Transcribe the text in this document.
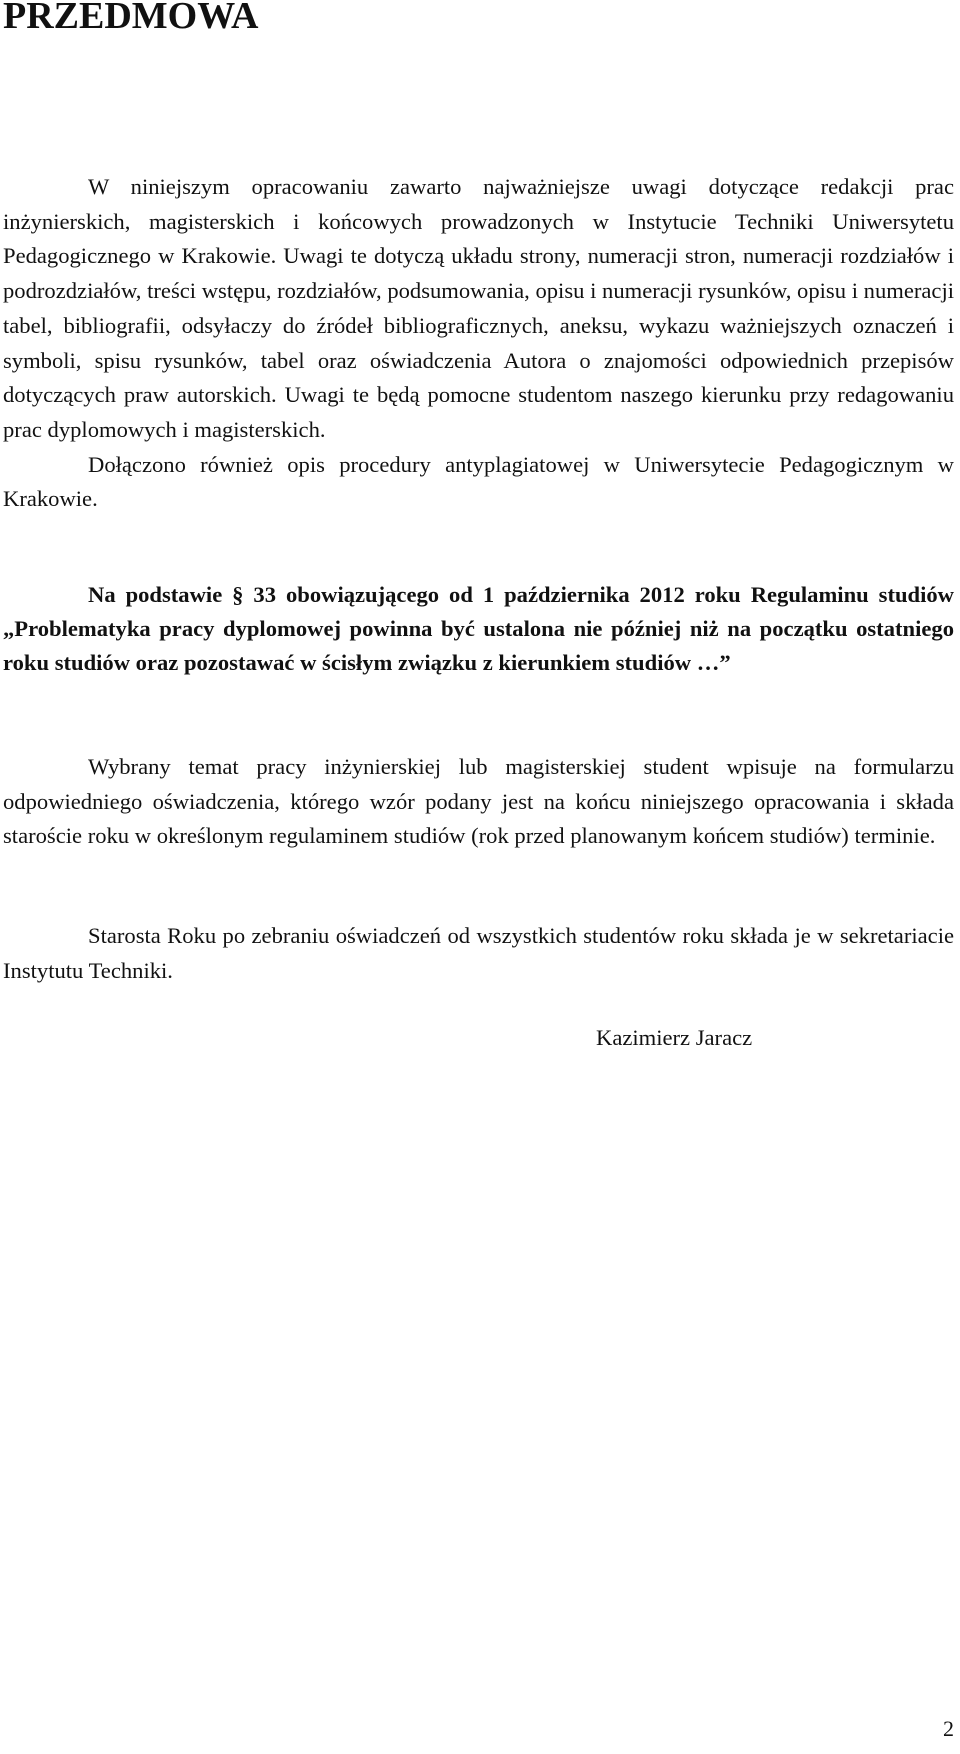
PRZEDMOWA

W niniejszym opracowaniu zawarto najważniejsze uwagi dotyczące redakcji prac inżynierskich, magisterskich i końcowych prowadzonych w Instytucie Techniki Uniwersytetu Pedagogicznego w Krakowie. Uwagi te dotyczą układu strony, numeracji stron, numeracji rozdziałów i podrozdziałów, treści wstępu, rozdziałów, podsumowania, opisu i numeracji rysunków, opisu i numeracji tabel, bibliografii, odsyłaczy do źródeł bibliograficznych, aneksu, wykazu ważniejszych oznaczeń i symboli, spisu rysunków, tabel oraz oświadczenia Autora o znajomości odpowiednich przepisów dotyczących praw autorskich. Uwagi te będą pomocne studentom naszego kierunku przy redagowaniu prac dyplomowych i magisterskich.

Dołączono również opis procedury antyplagiatowej w Uniwersytecie Pedagogicznym w Krakowie.

Na podstawie § 33 obowiązującego od 1 października 2012 roku Regulaminu studiów „Problematyka pracy dyplomowej powinna być ustalona nie później niż na początku ostatniego roku studiów oraz pozostawać w ścisłym związku z kierunkiem studiów …”

Wybrany temat pracy inżynierskiej lub magisterskiej student wpisuje na formularzu odpowiedniego oświadczenia, którego wzór podany jest na końcu niniejszego opracowania i składa staroście roku w określonym regulaminem studiów (rok przed planowanym końcem studiów) terminie.

Starosta Roku po zebraniu oświadczeń od wszystkich studentów roku składa je w sekretariacie Instytutu Techniki.

Kazimierz Jaracz

2
